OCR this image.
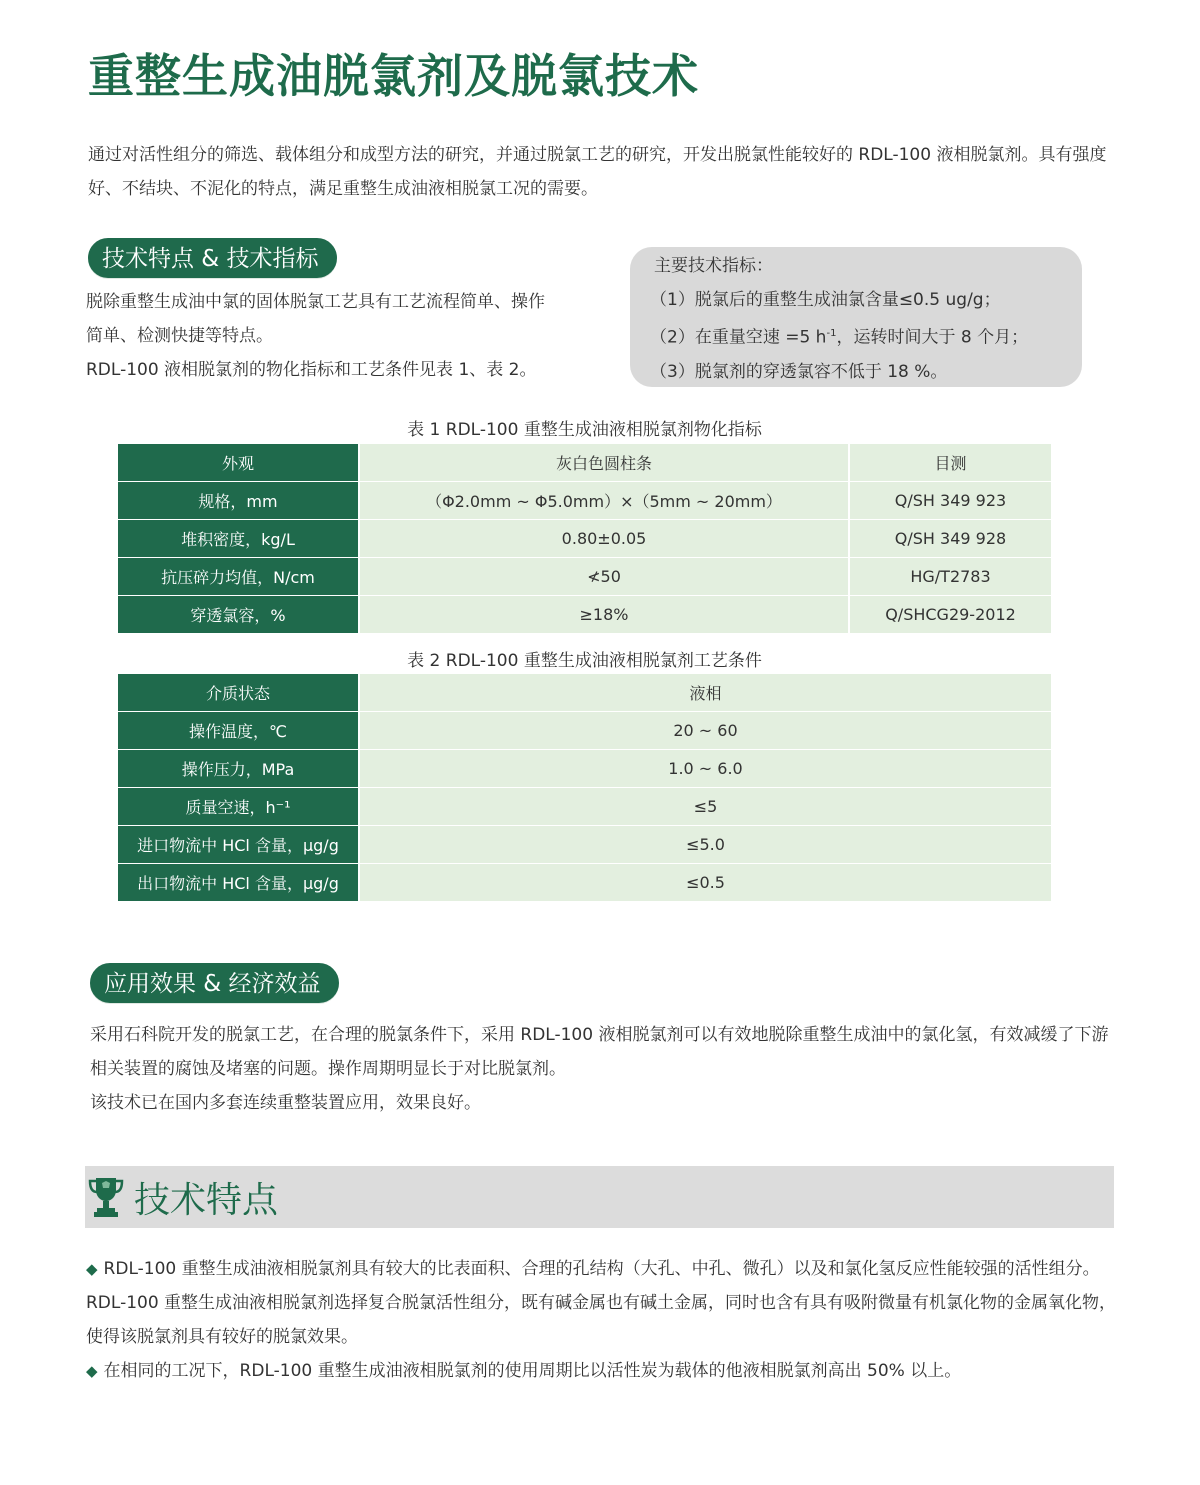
重整生成油脱氯剂及脱氯技术
通过对活性组分的筛选、载体组分和成型方法的研究，并通过脱氯工艺的研究，开发出脱氯性能较好的 RDL-100 液相脱氯剂。具有强度好、不结块、不泥化的特点，满足重整生成油液相脱氯工况的需要。
技术特点 & 技术指标
脱除重整生成油中氯的固体脱氯工艺具有工艺流程简单、操作
简单、检测快捷等特点。
RDL-100 液相脱氯剂的物化指标和工艺条件见表 1、表 2。
主要技术指标：
（1）脱氯后的重整生成油氯含量≤0.5 ug/g；
（2）在重量空速 =5 $h^{-1}$，运转时间大于 8 个月；
（3）脱氯剂的穿透氯容不低于 18 %。
表 1 RDL-100 重整生成油液相脱氯剂物化指标
外观	灰白色圆柱条	目测
规格，mm	（Φ2.0mm ~ Φ5.0mm）×（5mm ~ 20mm）	Q/SH 349 923
堆积密度，kg/L	0.80±0.05	Q/SH 349 928
抗压碎力均值，N/cm	≮50	HG/T2783
穿透氯容，%	≥18%	Q/SHCG29-2012
表 2 RDL-100 重整生成油液相脱氯剂工艺条件
介质状态	液相
操作温度，℃	20 ~ 60
操作压力，MPa	1.0 ~ 6.0
质量空速，h⁻¹	≤5
进口物流中 HCl 含量，μg/g	≤5.0
出口物流中 HCl 含量，μg/g	≤0.5
应用效果 & 经济效益
采用石科院开发的脱氯工艺，在合理的脱氯条件下，采用 RDL-100 液相脱氯剂可以有效地脱除重整生成油中的氯化氢，有效减缓了下游相关装置的腐蚀及堵塞的问题。操作周期明显长于对比脱氯剂。
该技术已在国内多套连续重整装置应用，效果良好。
技术特点
◆ RDL-100 重整生成油液相脱氯剂具有较大的比表面积、合理的孔结构（大孔、中孔、微孔）以及和氯化氢反应性能较强的活性组分。RDL-100 重整生成油液相脱氯剂选择复合脱氯活性组分，既有碱金属也有碱土金属，同时也含有具有吸附微量有机氯化物的金属氧化物，使得该脱氯剂具有较好的脱氯效果。
◆ 在相同的工况下，RDL-100 重整生成油液相脱氯剂的使用周期比以活性炭为载体的他液相脱氯剂高出 50% 以上。
